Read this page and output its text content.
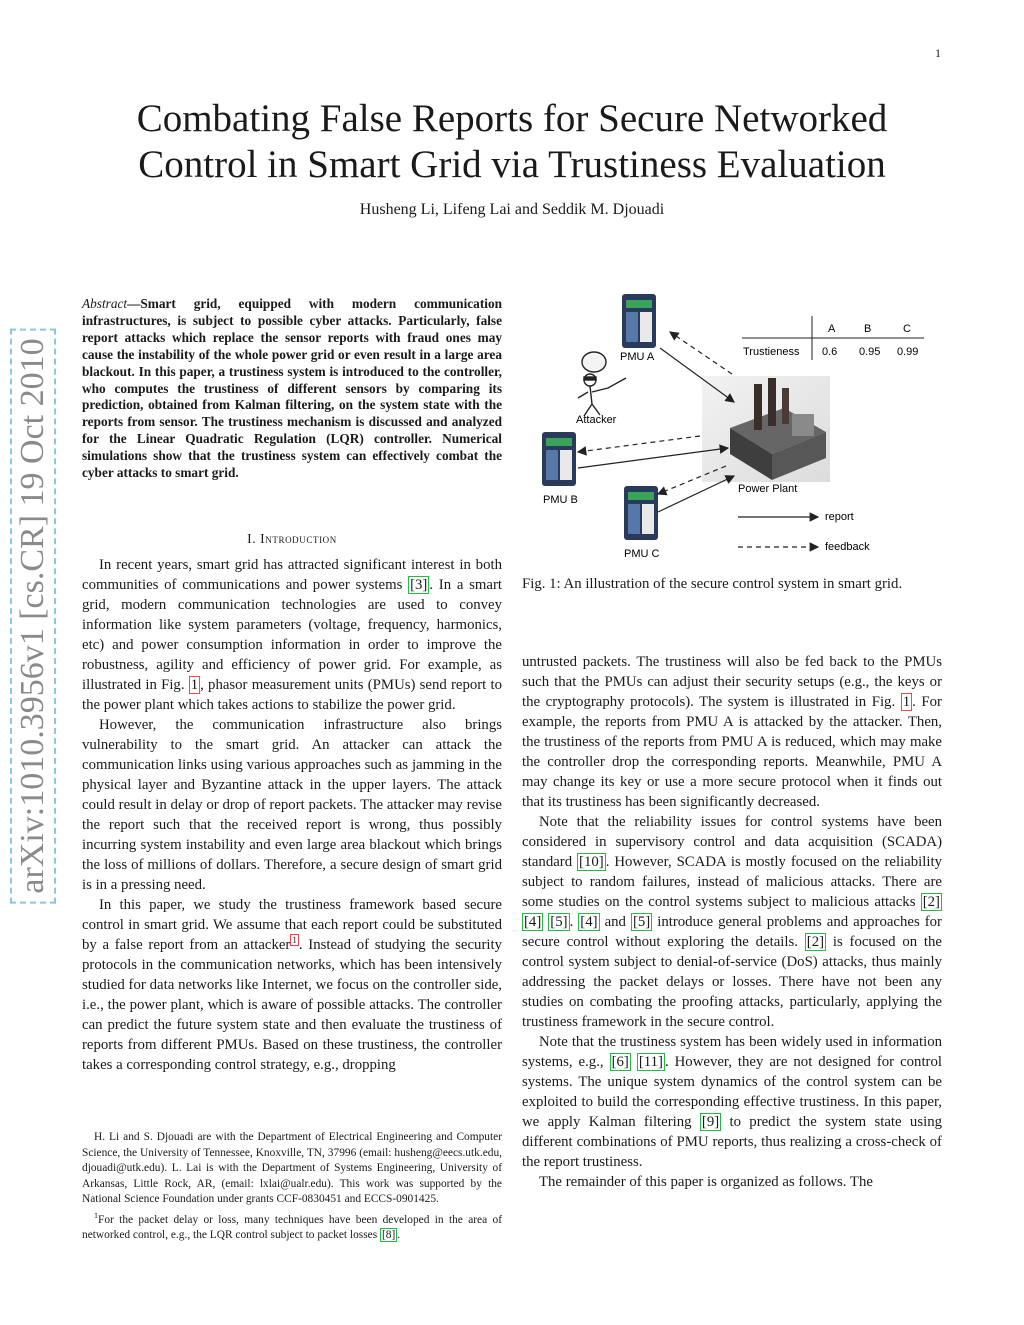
1
arXiv:1010.3956v1 [cs.CR] 19 Oct 2010
Combating False Reports for Secure Networked
Control in Smart Grid via Trustiness Evaluation
Husheng Li, Lifeng Lai and Seddik M. Djouadi
Abstract—Smart grid, equipped with modern communication infrastructures, is subject to possible cyber attacks. Particularly, false report attacks which replace the sensor reports with fraud ones may cause the instability of the whole power grid or even result in a large area blackout. In this paper, a trustiness system is introduced to the controller, who computes the trustiness of different sensors by comparing its prediction, obtained from Kalman filtering, on the system state with the reports from sensor. The trustiness mechanism is discussed and analyzed for the Linear Quadratic Regulation (LQR) controller. Numerical simulations show that the trustiness system can effectively combat the cyber attacks to smart grid.
I. Introduction

In recent years, smart grid has attracted significant interest in both communities of communications and power systems [3] . In a smart grid, modern communication technologies are used to convey information like system parameters (voltage, frequency, harmonics, etc) and power consumption information in order to improve the robustness, agility and efficiency of power grid. For example, as illustrated in Fig. 1 , phasor measurement units (PMUs) send report to the power plant which takes actions to stabilize the power grid.

However, the communication infrastructure also brings vulnerability to the smart grid. An attacker can attack the communication links using various approaches such as jamming in the physical layer and Byzantine attack in the upper layers. The attack could result in delay or drop of report packets. The attacker may revise the report such that the received report is wrong, thus possibly incurring system instability and even large area blackout which brings the loss of millions of dollars. Therefore, a secure design of smart grid is in a pressing need.

In this paper, we study the trustiness framework based secure control in smart grid. We assume that each report could be substituted by a false report from an attacker $^1$ . Instead of studying the security protocols in the communication networks, which has been intensively studied for data networks like Internet, we focus on the controller side, i.e., the power plant, which is aware of possible attacks. The controller can predict the future system state and then evaluate the trustiness of reports from different PMUs. Based on these trustiness, the controller takes a corresponding control strategy, e.g., dropping

H. Li and S. Djouadi are with the Department of Electrical Engineering and Computer Science, the University of Tennessee, Knoxville, TN, 37996 (email: husheng@eecs.utk.edu, djouadi@utk.edu). L. Lai is with the Department of Systems Engineering, University of Arkansas, Little Rock, AR, (email: lxlai@ualr.edu). This work was supported by the National Science Foundation under grants CCF-0830451 and ECCS-0901425.

$^1$For the packet delay or loss, many techniques have been developed in the area of networked control, e.g., the LQR control subject to packet losses [8] .

PMU A
PMU B
PMU C
Attacker
Power Plant
report
feedback
A	B	C
Trustieness 0.6 0.95 0.99
Fig. 1: An illustration of the secure control system in smart grid.

untrusted packets. The trustiness will also be fed back to the PMUs such that the PMUs can adjust their security setups (e.g., the keys or the cryptography protocols). The system is illustrated in Fig. 1 . For example, the reports from PMU A is attacked by the attacker. Then, the trustiness of the reports from PMU A is reduced, which may make the controller drop the corresponding reports. Meanwhile, PMU A may change its key or use a more secure protocol when it finds out that its trustiness has been significantly decreased.

Note that the reliability issues for control systems have been considered in supervisory control and data acquisition (SCADA) standard [10] . However, SCADA is mostly focused on the reliability subject to random failures, instead of malicious attacks. There are some studies on the control systems subject to malicious attacks [2] [4] [5] . [4] and [5] introduce general problems and approaches for secure control without exploring the details. [2] is focused on the control system subject to denial-of-service (DoS) attacks, thus mainly addressing the packet delays or losses. There have not been any studies on combating the proofing attacks, particularly, applying the trustiness framework in the secure control.

Note that the trustiness system has been widely used in information systems, e.g., [6] [11] . However, they are not designed for control systems. The unique system dynamics of the control system can be exploited to build the corresponding effective trustiness. In this paper, we apply Kalman filtering [9] to predict the system state using different combinations of PMU reports, thus realizing a cross-check of the report trustiness.

The remainder of this paper is organized as follows. The
